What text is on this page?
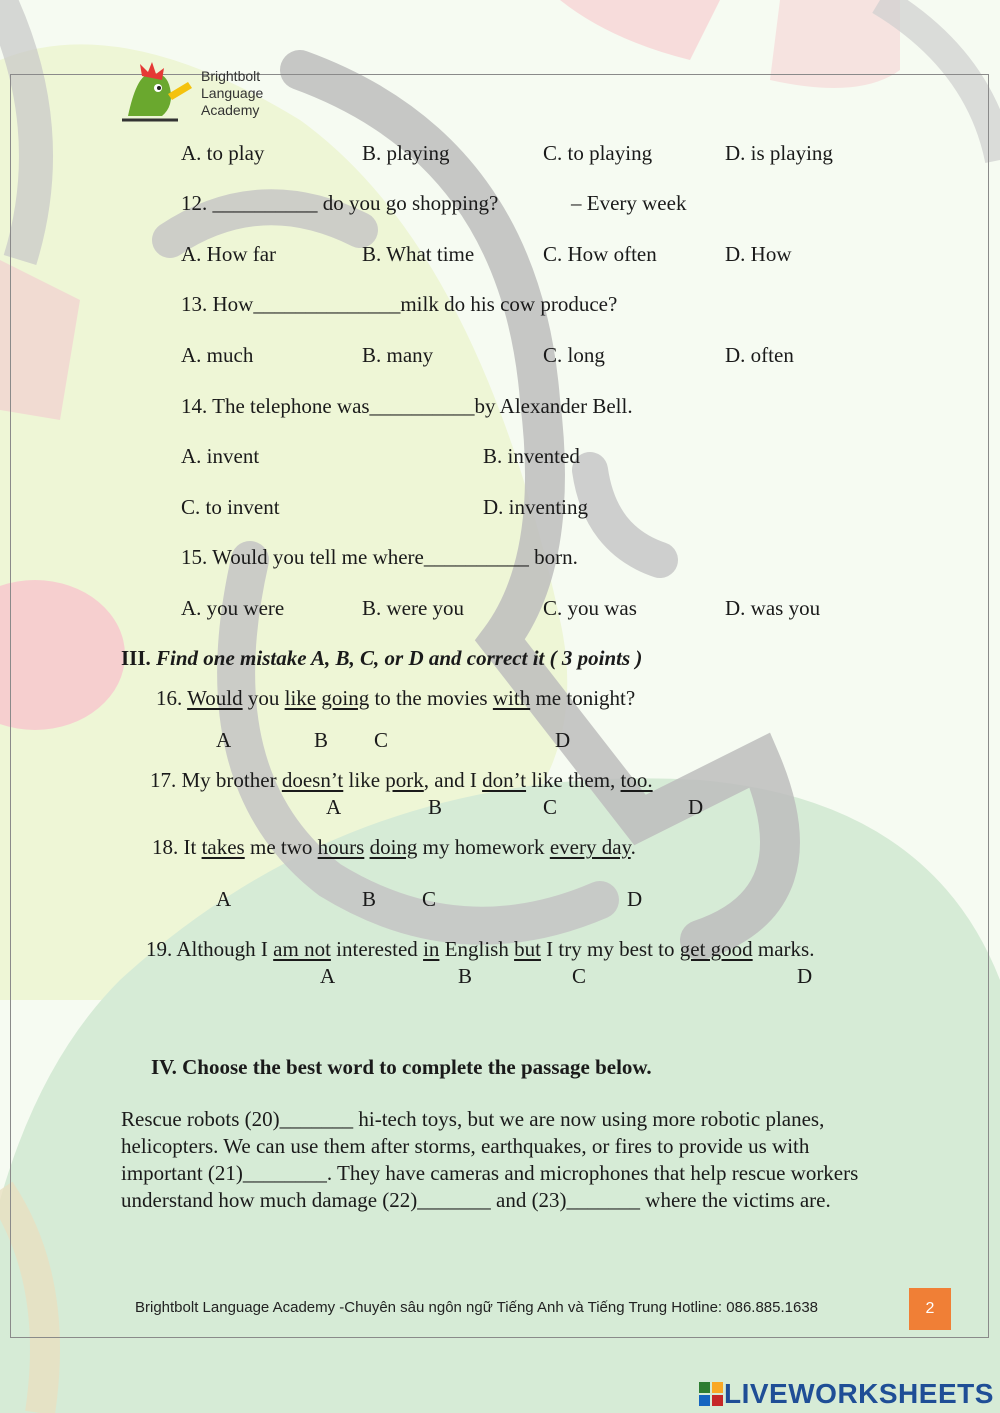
Brightbolt
Language
Academy
A. to play	B. playing	C. to playing	D. is playing
12. __________ do you go shopping?	– Every week
A. How far	B. What time	C. How often	D. How
13. How______________milk do his cow produce?
A. much	B. many	C. long	D. often
14. The telephone was__________by Alexander Bell.
A. invent	B. invented
C. to invent	D. inventing
15. Would you tell me where__________ born.
A. you were	B. were you	C. you was	D. was you
III. Find one mistake A, B, C, or D and correct it ( 3 points )
16. Would you like going to the movies with me tonight?
A	B C	D
17. My brother doesn’t like pork, and I don’t like them, too.
A	B	C	D
18. It takes me two hours doing my homework every day.
A	B C	D
19. Although I am not interested in English but I try my best to get good marks.
A	B	C	D
IV. Choose the best word to complete the passage below.
Rescue robots (20)_______ hi-tech toys, but we are now using more robotic planes,
helicopters. We can use them after storms, earthquakes, or fires to provide us with
important (21)________. They have cameras and microphones that help rescue workers
understand how much damage (22)_______ and (23)_______ where the victims are.
Brightbolt Language Academy -Chuyên sâu ngôn ngữ Tiếng Anh và Tiếng Trung Hotline: 086.885.1638	2
LIVEWORKSHEETS
